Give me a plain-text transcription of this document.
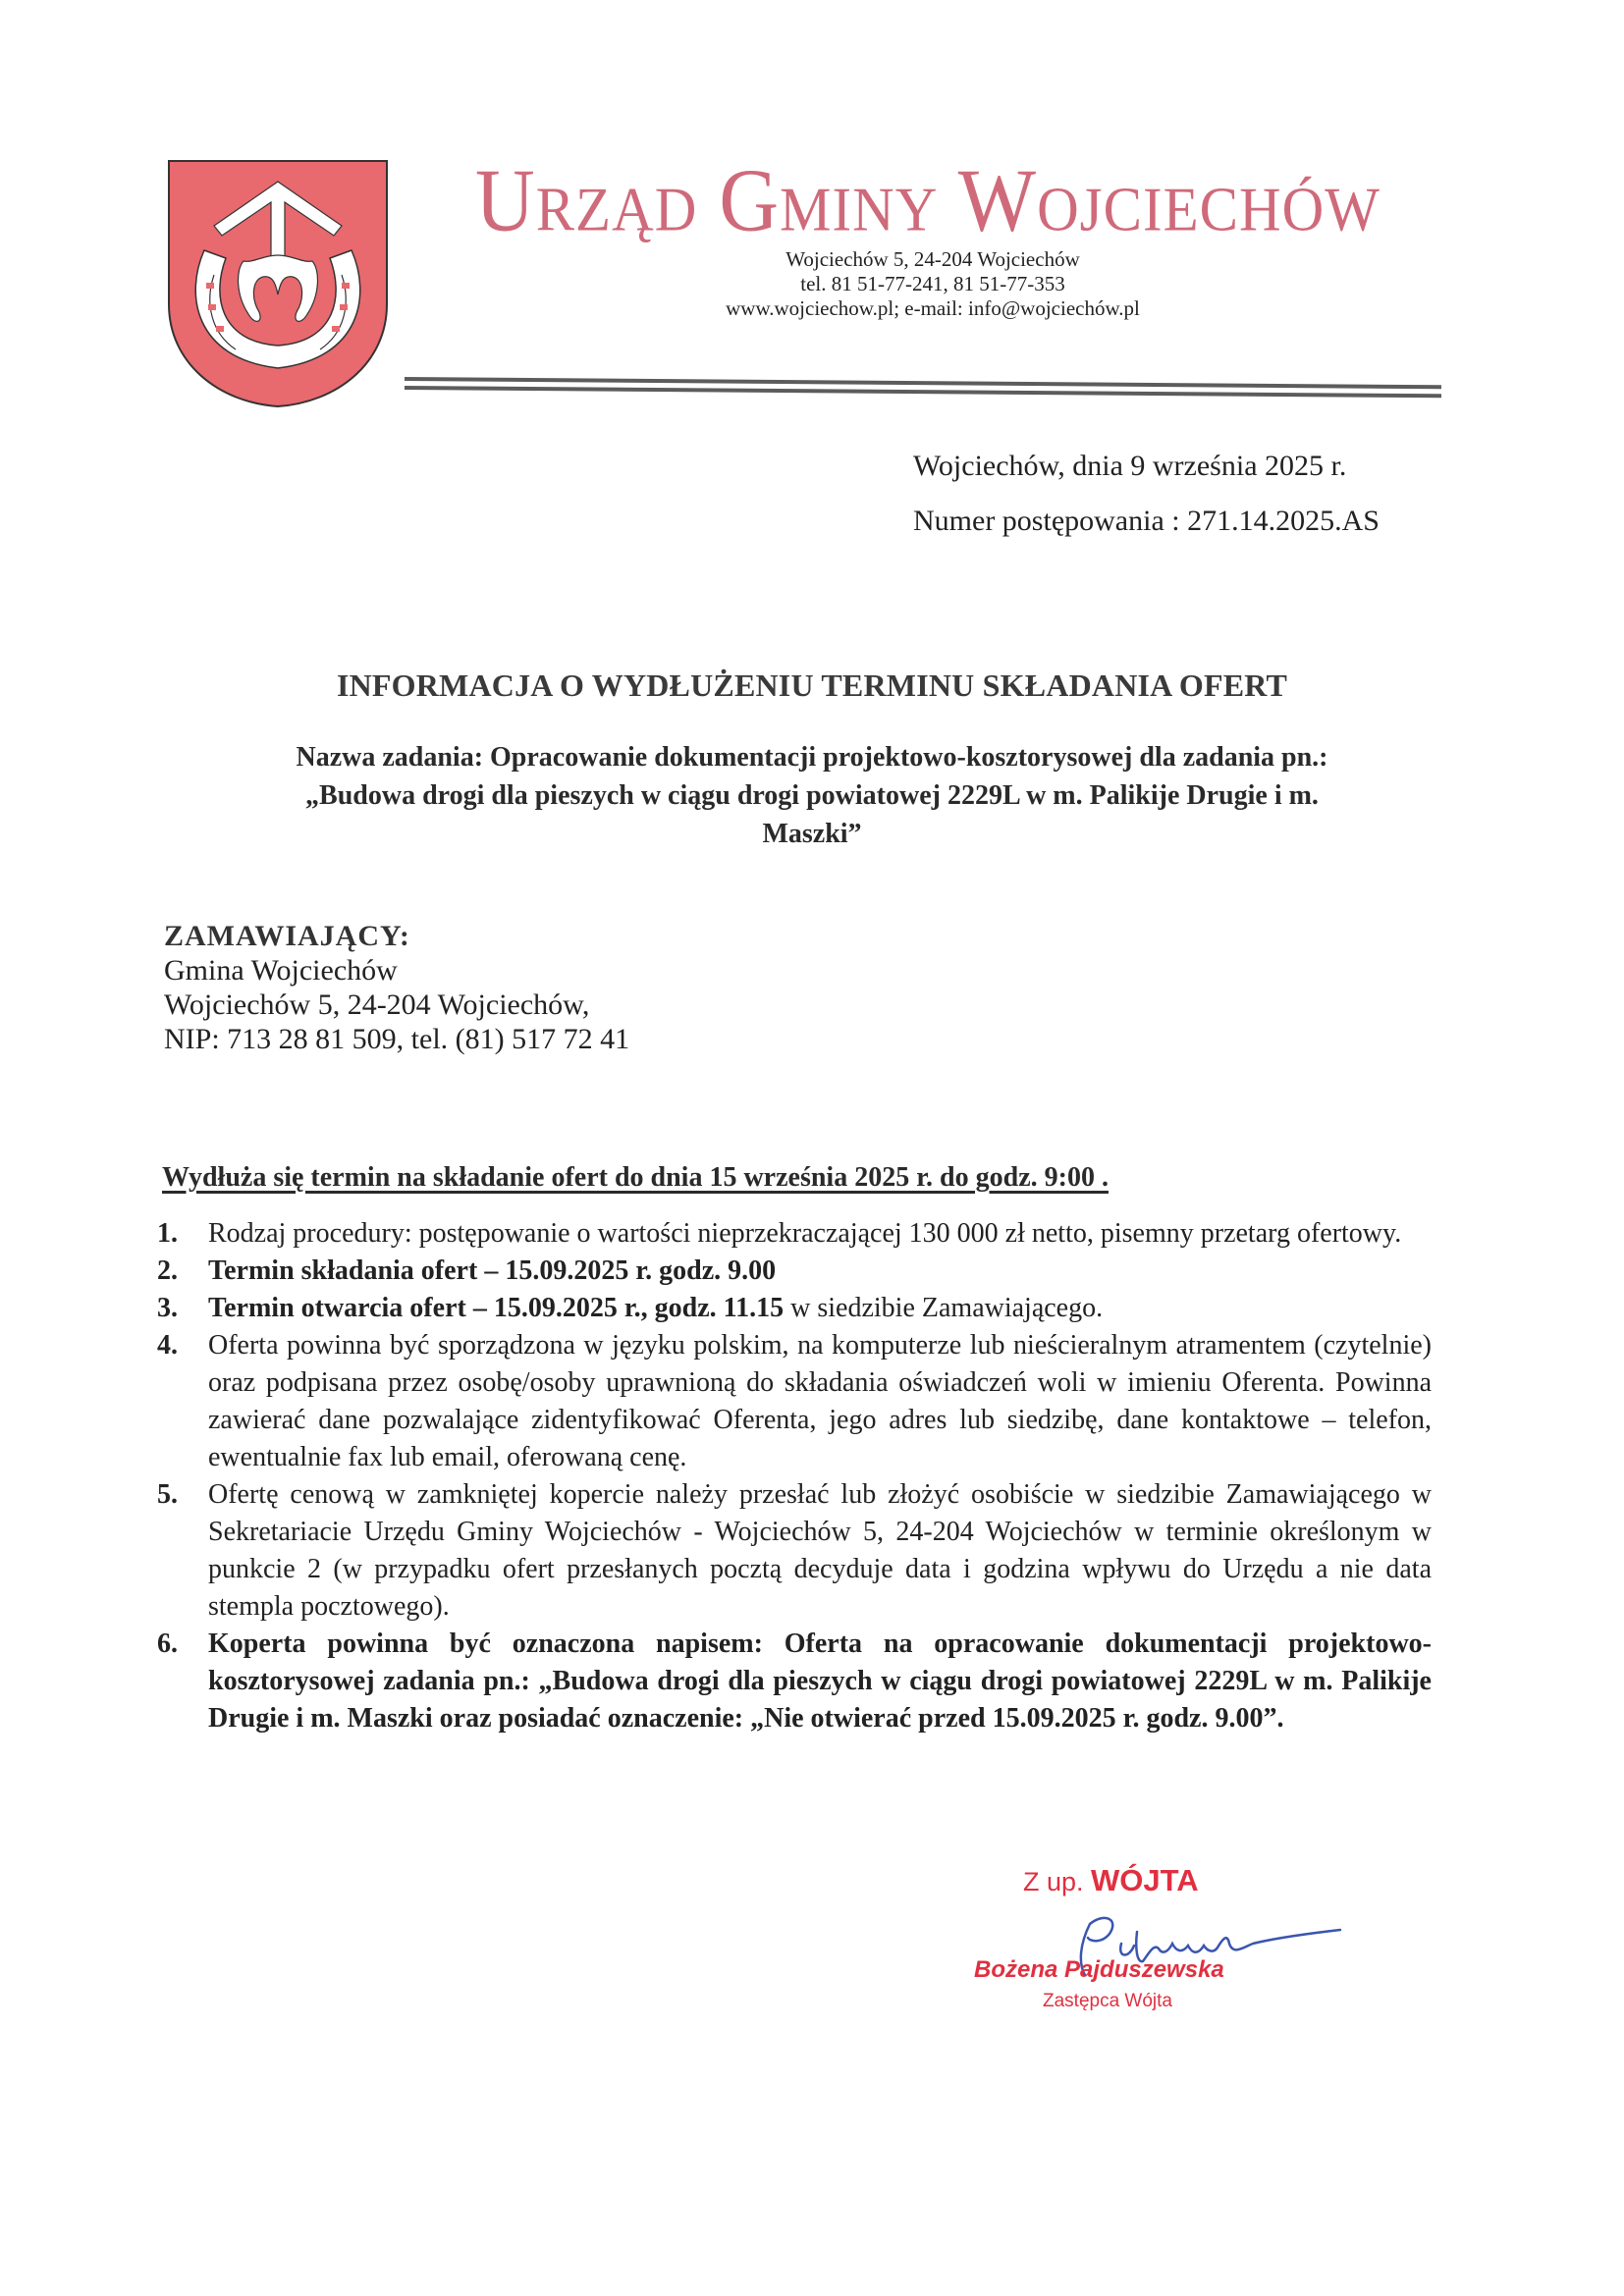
Urząd Gminy Wojciechów
Wojciechów 5, 24-204 Wojciechów
tel. 81 51-77-241, 81 51-77-353
www.wojciechow.pl; e-mail: info@wojciechów.pl
Wojciechów, dnia 9 września 2025 r.
Numer postępowania : 271.14.2025.AS
INFORMACJA O WYDŁUŻENIU TERMINU SKŁADANIA OFERT
Nazwa zadania: Opracowanie dokumentacji projektowo-kosztorysowej dla zadania pn.:
„Budowa drogi dla pieszych w ciągu drogi powiatowej 2229L w m. Palikije Drugie i m.
Maszki”
ZAMAWIAJĄCY:
Gmina Wojciechów
Wojciechów 5, 24-204 Wojciechów,
NIP: 713 28 81 509, tel. (81) 517 72 41
Wydłuża się termin na składanie ofert do dnia 15 września 2025 r. do godz. 9:00 .
1.	Rodzaj procedury: postępowanie o wartości nieprzekraczającej 130 000 zł netto, pisemny przetarg ofertowy.
2.	Termin składania ofert – 15.09.2025 r. godz. 9.00
3.	Termin otwarcia ofert – 15.09.2025 r., godz. 11.15 w siedzibie Zamawiającego.
4.	Oferta powinna być sporządzona w języku polskim, na komputerze lub nieścieralnym atramentem (czytelnie) oraz podpisana przez osobę/osoby uprawnioną do składania oświadczeń woli w imieniu Oferenta. Powinna zawierać dane pozwalające zidentyfikować Oferenta, jego adres lub siedzibę, dane kontaktowe – telefon, ewentualnie fax lub email, oferowaną cenę.
5.	Ofertę cenową w zamkniętej kopercie należy przesłać lub złożyć osobiście w siedzibie Zamawiającego w Sekretariacie Urzędu Gminy Wojciechów - Wojciechów 5, 24-204 Wojciechów w terminie określonym w punkcie 2 (w przypadku ofert przesłanych pocztą decyduje data i godzina wpływu do Urzędu a nie data stempla pocztowego).
6.	Koperta powinna być oznaczona napisem: Oferta na opracowanie dokumentacji projektowo-kosztorysowej zadania pn.: „Budowa drogi dla pieszych w ciągu drogi powiatowej 2229L w m. Palikije Drugie i m. Maszki oraz posiadać oznaczenie: „Nie otwierać przed 15.09.2025 r. godz. 9.00”.
Z up. WÓJTA
Bożena Pajduszewska
Zastępca Wójta
